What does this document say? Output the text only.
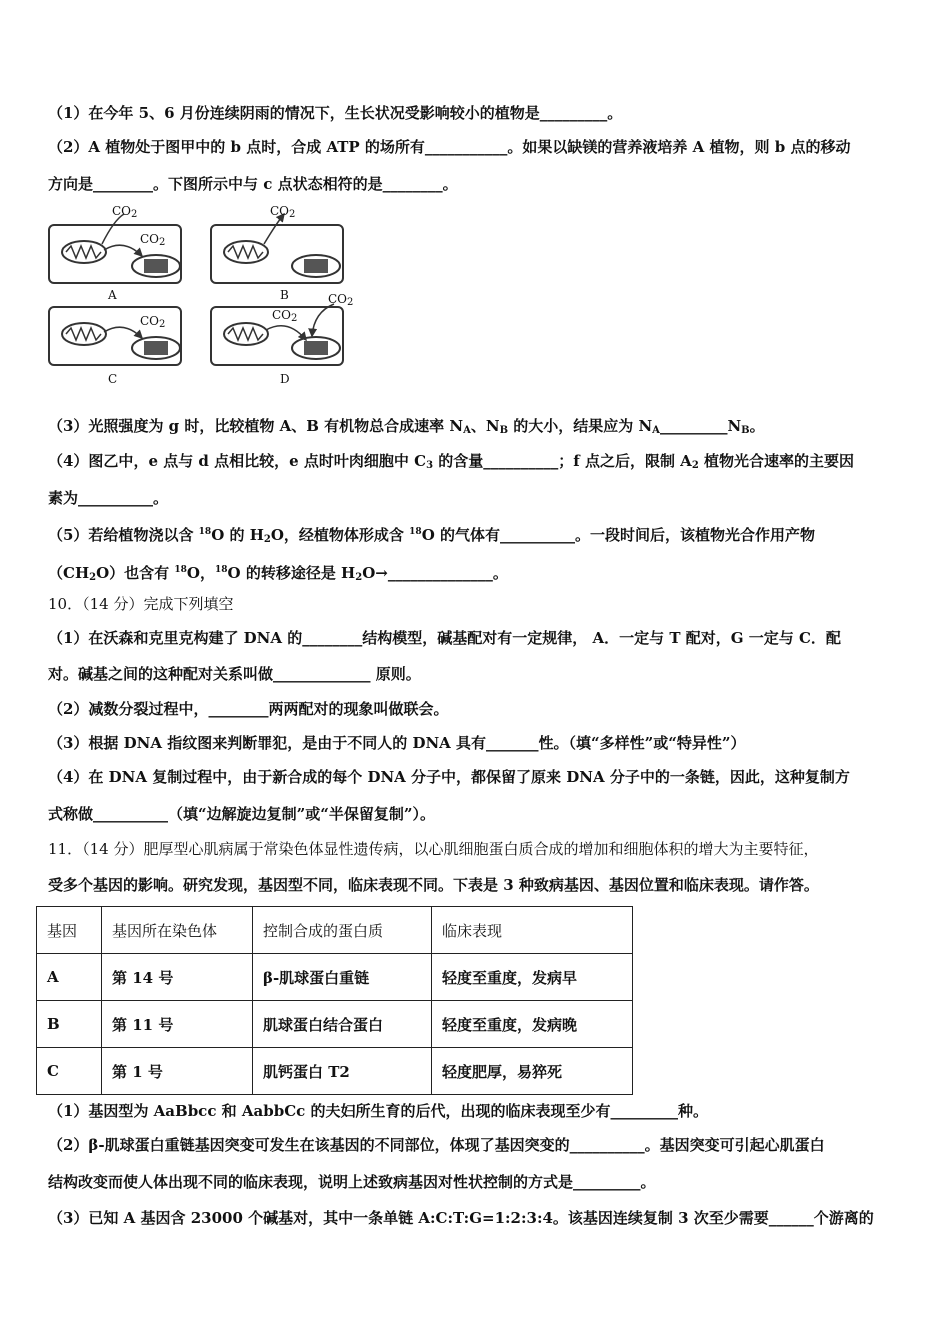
（1）在今年 5、6 月份连续阴雨的情况下，生长状况受影响较小的植物是_________。
（2）A 植物处于图甲中的 b 点时，合成 ATP 的场所有___________。如果以缺镁的营养液培养 A 植物，则 b 点的移动
方向是________。下图所示中与 c 点状态相符的是________。
$CO_2$
$CO_2$
$CO_2$
$CO_2$
$CO_2$
$CO_2$
A	B
C	D
（3）光照强度为 g 时，比较植物 A、B 有机物总合成速率 $N_A$、$N_B$ 的大小，结果应为 $N_A\_\_\_\_\_\_\_\_\_N_B$。
（4）图乙中，e 点与 d 点相比较，e 点时叶肉细胞中 $C_3$ 的含量__________；f 点之后，限制 $A_2$ 植物光合速率的主要因
素为__________。
（5）若给植物浇以含 $^{18}$O 的 $H_2O$，经植物体形成含 $^{18}$O 的气体有__________。一段时间后，该植物光合作用产物
$(CH_2O)$也含有 $^{18}$O，$^{18}$O 的转移途径是 $H_2O\to\_\_\_\_\_\_\_\_\_\_\_\_\_\_$。
10．（14 分）完成下列填空
（1）在沃森和克里克构建了 DNA 的________结构模型，碱基配对有一定规律， A．一定与 T 配对，G 一定与 C．配
对。碱基之间的这种配对关系叫做_____________ 原则。
（2）减数分裂过程中，________两两配对的现象叫做联会。
（3）根据 DNA 指纹图来判断罪犯，是由于不同人的 DNA 具有_______性。（填“多样性”或“特异性”）
（4）在 DNA 复制过程中，由于新合成的每个 DNA 分子中，都保留了原来 DNA 分子中的一条链，因此，这种复制方
式称做__________（填“边解旋边复制”或“半保留复制”）。
11．（14 分）肥厚型心肌病属于常染色体显性遗传病，以心肌细胞蛋白质合成的增加和细胞体积的增大为主要特征，
受多个基因的影响。研究发现，基因型不同，临床表现不同。下表是 3 种致病基因、基因位置和临床表现。请作答。
基因	基因所在染色体	控制合成的蛋白质	临床表现
A	第 14 号	β-肌球蛋白重链	轻度至重度，发病早
B	第 11 号	肌球蛋白结合蛋白	轻度至重度，发病晚
C	第 1 号	肌钙蛋白 T2	轻度肥厚，易猝死
（1）基因型为 AaBbcc 和 AabbCc 的夫妇所生育的后代，出现的临床表现至少有_________种。
（2）β-肌球蛋白重链基因突变可发生在该基因的不同部位，体现了基因突变的__________。基因突变可引起心肌蛋白
结构改变而使人体出现不同的临床表现，说明上述致病基因对性状控制的方式是_________。
（3）已知 A 基因含 23000 个碱基对，其中一条单链 A:C:T:G=1:2:3:4。该基因连续复制 3 次至少需要______个游离的
